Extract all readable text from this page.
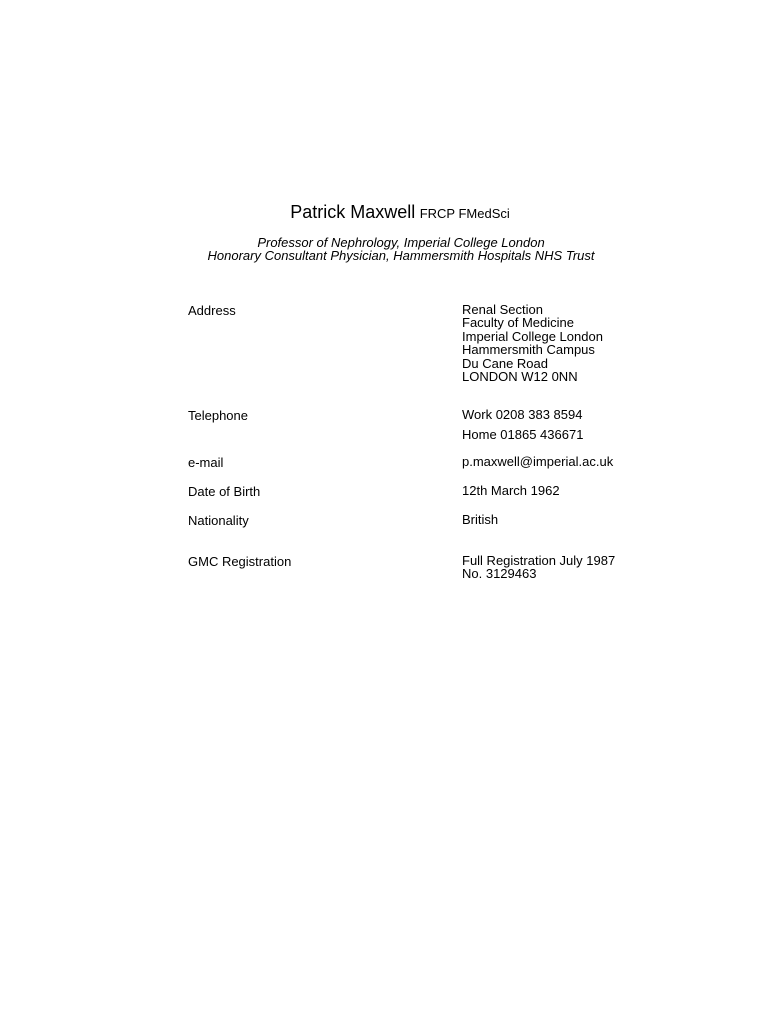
Patrick Maxwell FRCP FMedSci
Professor of Nephrology, Imperial College London
Honorary Consultant Physician, Hammersmith Hospitals NHS Trust
Address	Renal Section
Faculty of Medicine
Imperial College London
Hammersmith Campus
Du Cane Road
LONDON W12 0NN
Telephone	Work 0208 383 8594
Home 01865 436671
e-mail	p.maxwell@imperial.ac.uk
Date of Birth	12th March 1962
Nationality	British
GMC Registration	Full Registration July 1987
No. 3129463
